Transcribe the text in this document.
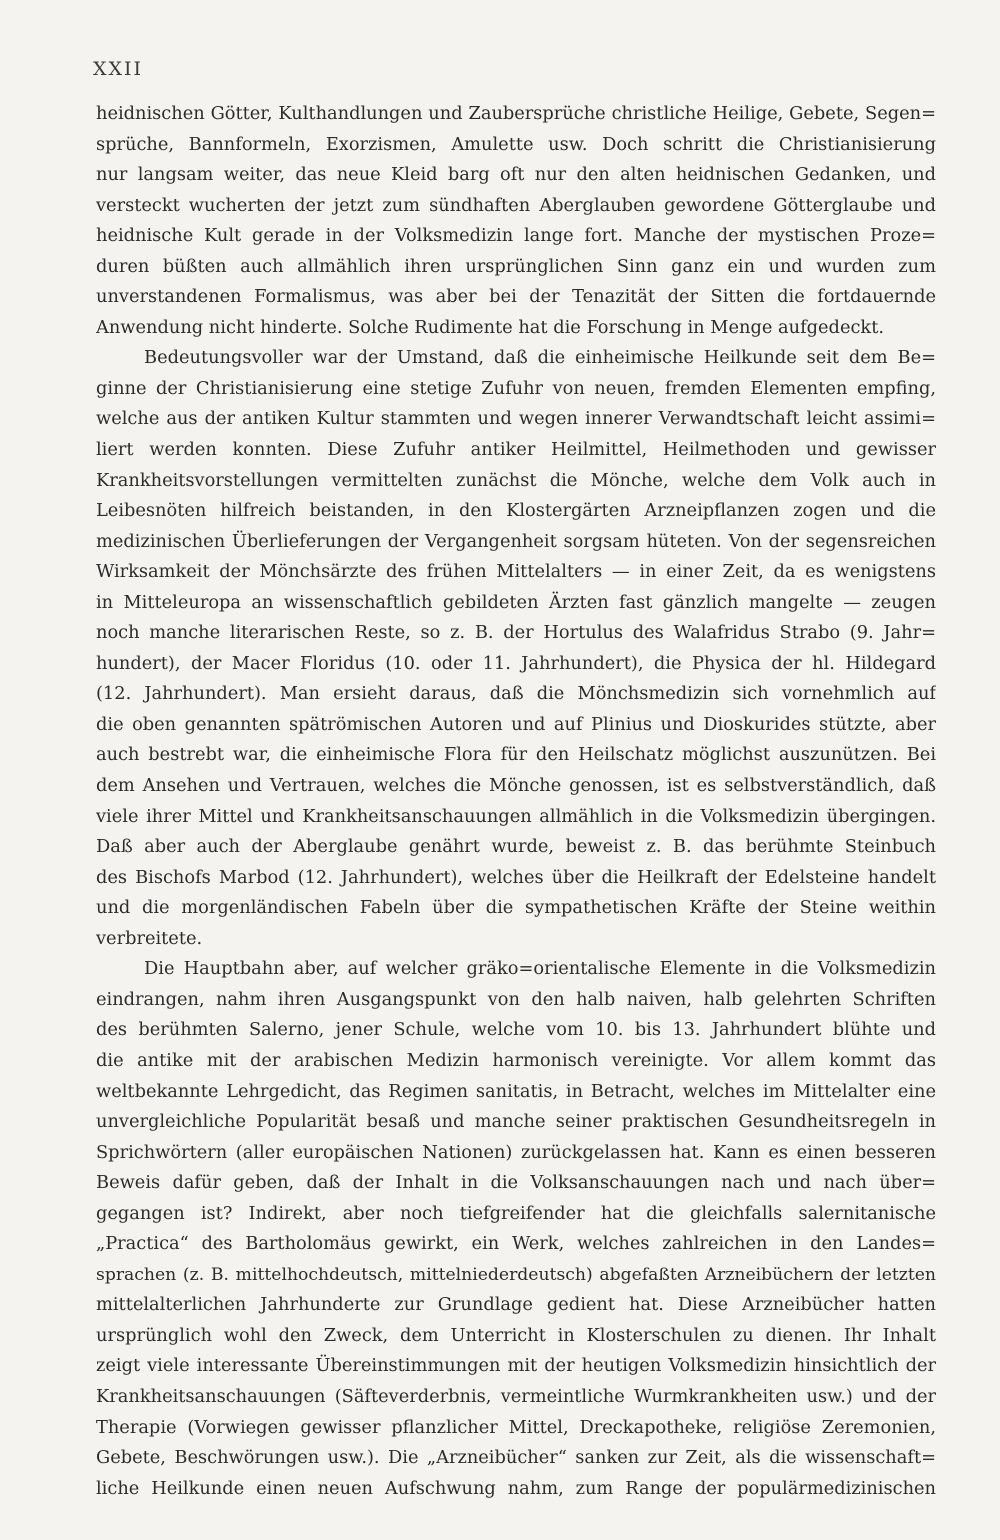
XXII
heidnischen Götter, Kulthandlungen und Zaubersprüche christliche Heilige, Gebete, Segen=
sprüche, Bannformeln, Exorzismen, Amulette usw. Doch schritt die Christianisierung
nur langsam weiter, das neue Kleid barg oft nur den alten heidnischen Gedanken, und
versteckt wucherten der jetzt zum sündhaften Aberglauben gewordene Götterglaube und
heidnische Kult gerade in der Volksmedizin lange fort. Manche der mystischen Proze=
duren büßten auch allmählich ihren ursprünglichen Sinn ganz ein und wurden zum
unverstandenen Formalismus, was aber bei der Tenazität der Sitten die fortdauernde
Anwendung nicht hinderte. Solche Rudimente hat die Forschung in Menge aufgedeckt.
Bedeutungsvoller war der Umstand, daß die einheimische Heilkunde seit dem Be=
ginne der Christianisierung eine stetige Zufuhr von neuen, fremden Elementen empfing,
welche aus der antiken Kultur stammten und wegen innerer Verwandtschaft leicht assimi=
liert werden konnten. Diese Zufuhr antiker Heilmittel, Heilmethoden und gewisser
Krankheitsvorstellungen vermittelten zunächst die Mönche, welche dem Volk auch in
Leibesnöten hilfreich beistanden, in den Klostergärten Arzneipflanzen zogen und die
medizinischen Überlieferungen der Vergangenheit sorgsam hüteten. Von der segensreichen
Wirksamkeit der Mönchsärzte des frühen Mittelalters — in einer Zeit, da es wenigstens
in Mitteleuropa an wissenschaftlich gebildeten Ärzten fast gänzlich mangelte — zeugen
noch manche literarischen Reste, so z. B. der Hortulus des Walafridus Strabo (9. Jahr=
hundert), der Macer Floridus (10. oder 11. Jahrhundert), die Physica der hl. Hildegard
(12. Jahrhundert). Man ersieht daraus, daß die Mönchsmedizin sich vornehmlich auf
die oben genannten spätrömischen Autoren und auf Plinius und Dioskurides stützte, aber
auch bestrebt war, die einheimische Flora für den Heilschatz möglichst auszunützen. Bei
dem Ansehen und Vertrauen, welches die Mönche genossen, ist es selbstverständlich, daß
viele ihrer Mittel und Krankheitsanschauungen allmählich in die Volksmedizin übergingen.
Daß aber auch der Aberglaube genährt wurde, beweist z. B. das berühmte Steinbuch
des Bischofs Marbod (12. Jahrhundert), welches über die Heilkraft der Edelsteine handelt
und die morgenländischen Fabeln über die sympathetischen Kräfte der Steine weithin
verbreitete.
Die Hauptbahn aber, auf welcher gräko=orientalische Elemente in die Volksmedizin
eindrangen, nahm ihren Ausgangspunkt von den halb naiven, halb gelehrten Schriften
des berühmten Salerno, jener Schule, welche vom 10. bis 13. Jahrhundert blühte und
die antike mit der arabischen Medizin harmonisch vereinigte. Vor allem kommt das
weltbekannte Lehrgedicht, das Regimen sanitatis, in Betracht, welches im Mittelalter eine
unvergleichliche Popularität besaß und manche seiner praktischen Gesundheitsregeln in
Sprichwörtern (aller europäischen Nationen) zurückgelassen hat. Kann es einen besseren
Beweis dafür geben, daß der Inhalt in die Volksanschauungen nach und nach über=
gegangen ist? Indirekt, aber noch tiefgreifender hat die gleichfalls salernitanische
„Practica“ des Bartholomäus gewirkt, ein Werk, welches zahlreichen in den Landes=
sprachen (z. B. mittelhochdeutsch, mittelniederdeutsch) abgefaßten Arzneibüchern der letzten
mittelalterlichen Jahrhunderte zur Grundlage gedient hat. Diese Arzneibücher hatten
ursprünglich wohl den Zweck, dem Unterricht in Klosterschulen zu dienen. Ihr Inhalt
zeigt viele interessante Übereinstimmungen mit der heutigen Volksmedizin hinsichtlich der
Krankheitsanschauungen (Säfteverderbnis, vermeintliche Wurmkrankheiten usw.) und der
Therapie (Vorwiegen gewisser pflanzlicher Mittel, Dreckapotheke, religiöse Zeremonien,
Gebete, Beschwörungen usw.). Die „Arzneibücher“ sanken zur Zeit, als die wissenschaft=
liche Heilkunde einen neuen Aufschwung nahm, zum Range der populärmedizinischen
